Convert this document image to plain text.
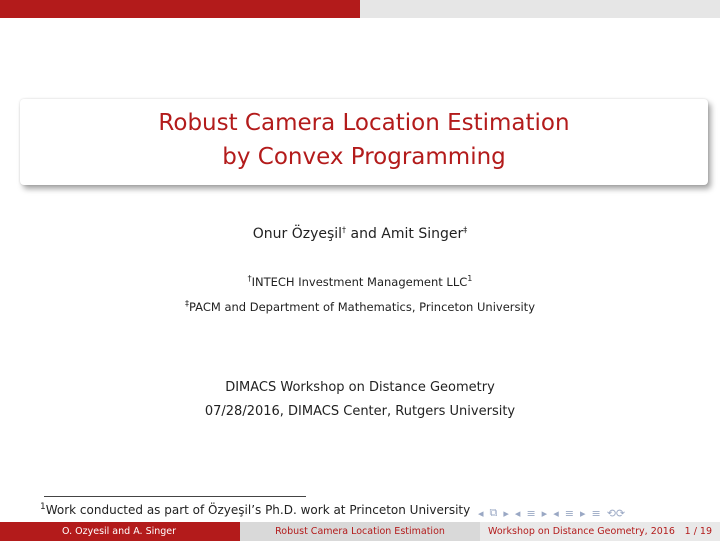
Robust Camera Location Estimation
by Convex Programming
Onur Özyeşil† and Amit Singer‡
†INTECH Investment Management LLC$^1$
‡PACM and Department of Mathematics, Princeton University
DIMACS Workshop on Distance Geometry
07/28/2016, DIMACS Center, Rutgers University
$^1$Work conducted as part of Özyeşil’s Ph.D. work at Princeton University ◂ ⧉ ▸ ◂ ≡ ▸ ◂ ≡ ▸ ≡ ⟲⟳
O. Ozyesil and A. Singer	Robust Camera Location Estimation	Workshop on Distance Geometry, 2016 1 / 19
